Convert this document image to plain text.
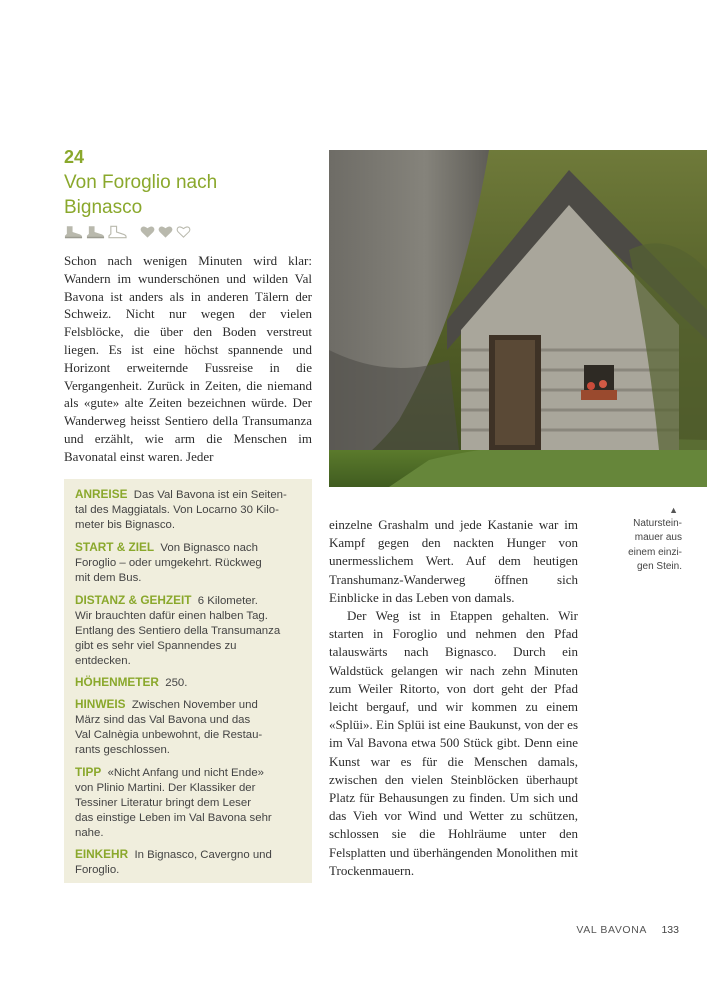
24
Von Foroglio nach
Bignasco

Schon nach wenigen Minuten wird klar: Wandern im wunderschönen und wilden Val Bavona ist anders als in anderen Tälern der Schweiz. Nicht nur wegen der vielen Felsblöcke, die über den Boden verstreut liegen. Es ist eine höchst spannende und Horizont erweiternde Fussreise in die Vergangenheit. Zurück in Zeiten, die niemand als «gute» alte Zeiten bezeichnen würde. Der Wanderweg heisst Sentiero della Transumanza und erzählt, wie arm die Menschen im Bavonatal einst waren. Jeder

ANREISE Das Val Bavona ist ein Seiten-
tal des Maggiatals. Von Locarno 30 Kilo-
meter bis Bignasco.
START & ZIEL Von Bignasco nach
Foroglio – oder umgekehrt. Rückweg
mit dem Bus.
DISTANZ & GEHZEIT 6 Kilometer.
Wir brauchten dafür einen halben Tag.
Entlang des Sentiero della Transumanza
gibt es sehr viel Spannendes zu
entdecken.
HÖHENMETER 250.
HINWEIS Zwischen November und
März sind das Val Bavona und das
Val Calnègia unbewohnt, die Restau-
rants geschlossen.
TIPP «Nicht Anfang und nicht Ende»
von Plinio Martini. Der Klassiker der
Tessiner Literatur bringt dem Leser
das einstige Leben im Val Bavona sehr
nahe.
EINKEHR In Bignasco, Cavergno und
Foroglio.

einzelne Grashalm und jede Kastanie war im Kampf gegen den nackten Hunger von unermesslichem Wert. Auf dem heutigen Transhumanz-Wanderweg öffnen sich Einblicke in das Leben von damals.

Der Weg ist in Etappen gehalten. Wir starten in Foroglio und nehmen den Pfad talauswärts nach Bignasco. Durch ein Waldstück gelangen wir nach zehn Minuten zum Weiler Ritorto, von dort geht der Pfad leicht bergauf, und wir kommen zu einem «Splüi». Ein Splüi ist eine Baukunst, von der es im Val Bavona etwa 500 Stück gibt. Denn eine Kunst war es für die Menschen damals, zwischen den vielen Steinblöcken überhaupt Platz für Behausungen zu finden. Um sich und das Vieh vor Wind und Wetter zu schützen, schlossen sie die Hohlräume unter den Felsplatten und überhängenden Monolithen mit Trockenmauern.

▲
Naturstein-
mauer aus
einem einzi-
gen Stein.
VAL BAVONA 133
